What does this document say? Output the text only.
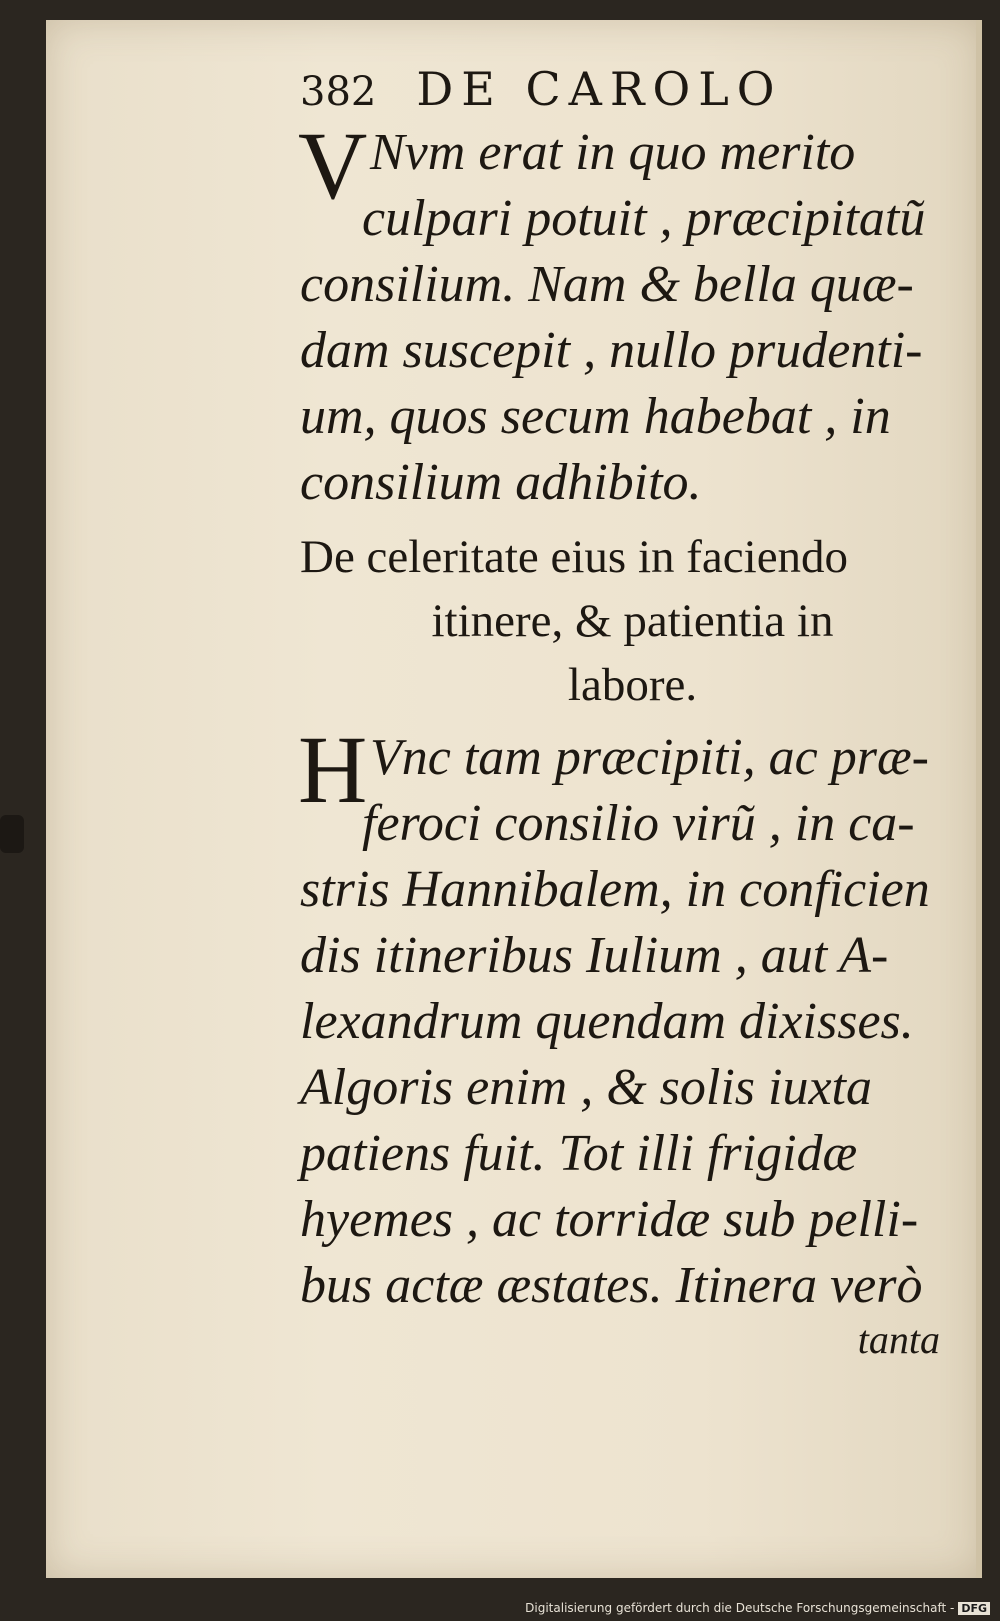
382 DE CAROLO
V Nvm erat in quo merito
culpari potuit , præcipitatũ
consilium. Nam & bella quæ-
dam suscepit , nullo prudenti-
um, quos secum habebat , in
consilium adhibito.
De celeritate eius in faciendo
itinere, & patientia in
labore.
H Vnc tam præcipiti, ac præ-
feroci consilio virũ , in ca-
stris Hannibalem, in conficien
dis itineribus Iulium , aut A-
lexandrum quendam dixisses.
Algoris enim , & solis iuxta
patiens fuit. Tot illi frigidæ
hyemes , ac torridæ sub pelli-
bus actæ æstates. Itinera verò
tanta
Digitalisierung gefördert durch die Deutsche Forschungsgemeinschaft - DFG
